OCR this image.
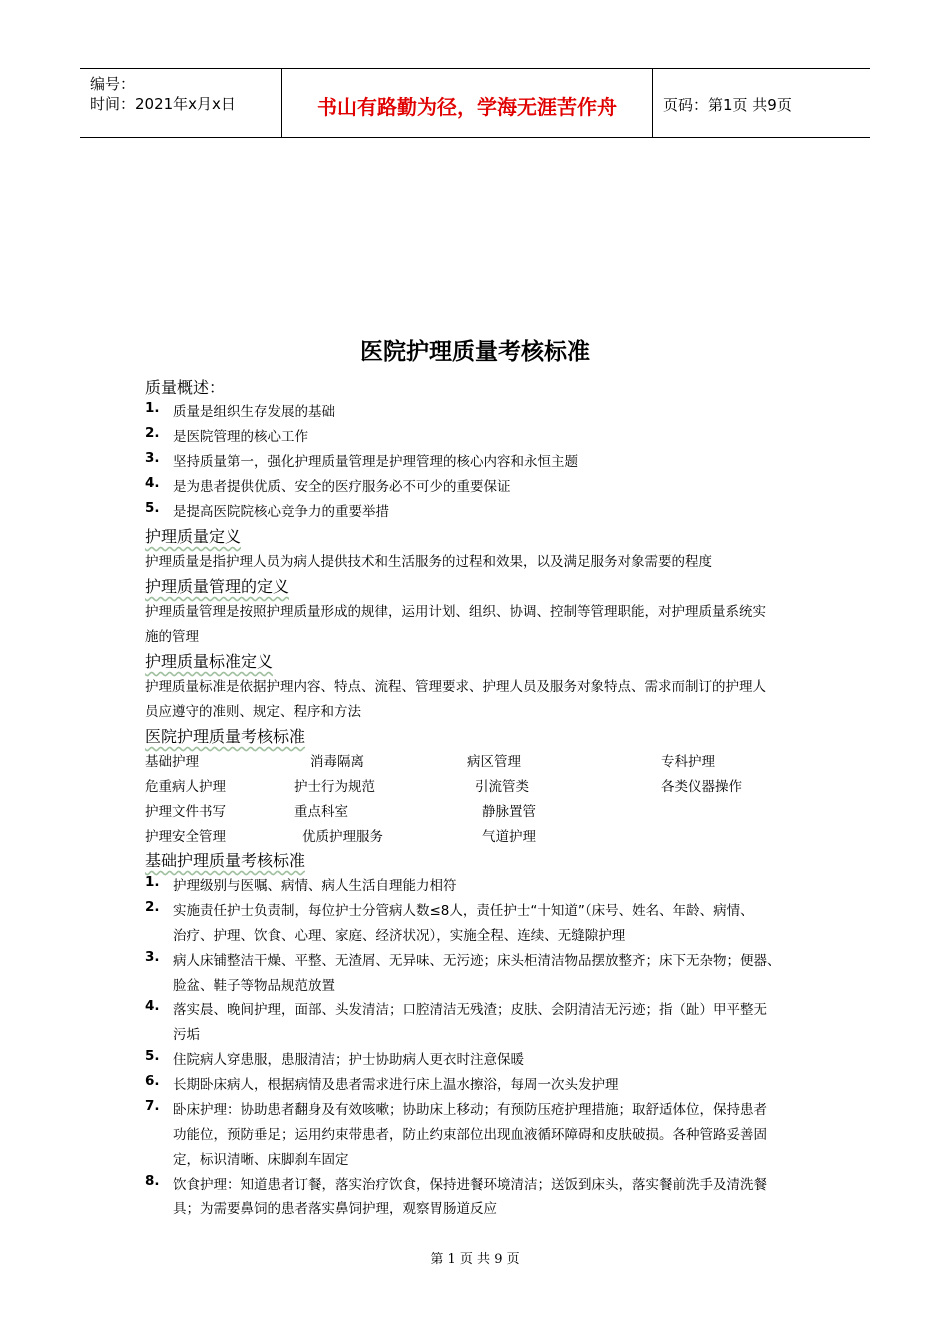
编号：
时间：2021年x月x日	书山有路勤为径，学海无涯苦作舟	页码：第1页 共9页
医院护理质量考核标准
质量概述：
1. 质量是组织生存发展的基础
2. 是医院管理的核心工作
3. 坚持质量第一，强化护理质量管理是护理管理的核心内容和永恒主题
4. 是为患者提供优质、安全的医疗服务必不可少的重要保证
5. 是提高医院院核心竞争力的重要举措
护理质量定义
护理质量是指护理人员为病人提供技术和生活服务的过程和效果，以及满足服务对象需要的程度
护理质量管理的定义
护理质量管理是按照护理质量形成的规律，运用计划、组织、协调、控制等管理职能，对护理质量系统实
施的管理
护理质量标准定义
护理质量标准是依据护理内容、特点、流程、管理要求、护理人员及服务对象特点、需求而制订的护理人
员应遵守的准则、规定、程序和方法
医院护理质量考核标准
基础护理	消毒隔离	病区管理	专科护理
危重病人护理	护士行为规范	引流管类	各类仪器操作
护理文件书写	重点科室	静脉置管
护理安全管理	优质护理服务	气道护理
基础护理质量考核标准
1. 护理级别与医嘱、病情、病人生活自理能力相符
2. 实施责任护士负责制，每位护士分管病人数≤8人，责任护士“十知道”（床号、姓名、年龄、病情、
治疗、护理、饮食、心理、家庭、经济状况），实施全程、连续、无缝隙护理
3. 病人床铺整洁干燥、平整、无渣屑、无异味、无污迹；床头柜清洁物品摆放整齐；床下无杂物；便器、
脸盆、鞋子等物品规范放置
4. 落实晨、晚间护理，面部、头发清洁；口腔清洁无残渣；皮肤、会阴清洁无污迹；指（趾）甲平整无
污垢
5. 住院病人穿患服，患服清洁；护士协助病人更衣时注意保暖
6. 长期卧床病人，根据病情及患者需求进行床上温水擦浴，每周一次头发护理
7. 卧床护理：协助患者翻身及有效咳嗽；协助床上移动；有预防压疮护理措施；取舒适体位，保持患者
功能位，预防垂足；运用约束带患者，防止约束部位出现血液循环障碍和皮肤破损。各种管路妥善固
定，标识清晰、床脚刹车固定
8. 饮食护理：知道患者订餐，落实治疗饮食，保持进餐环境清洁；送饭到床头，落实餐前洗手及清洗餐
具；为需要鼻饲的患者落实鼻饲护理，观察胃肠道反应
第 1 页 共 9 页
